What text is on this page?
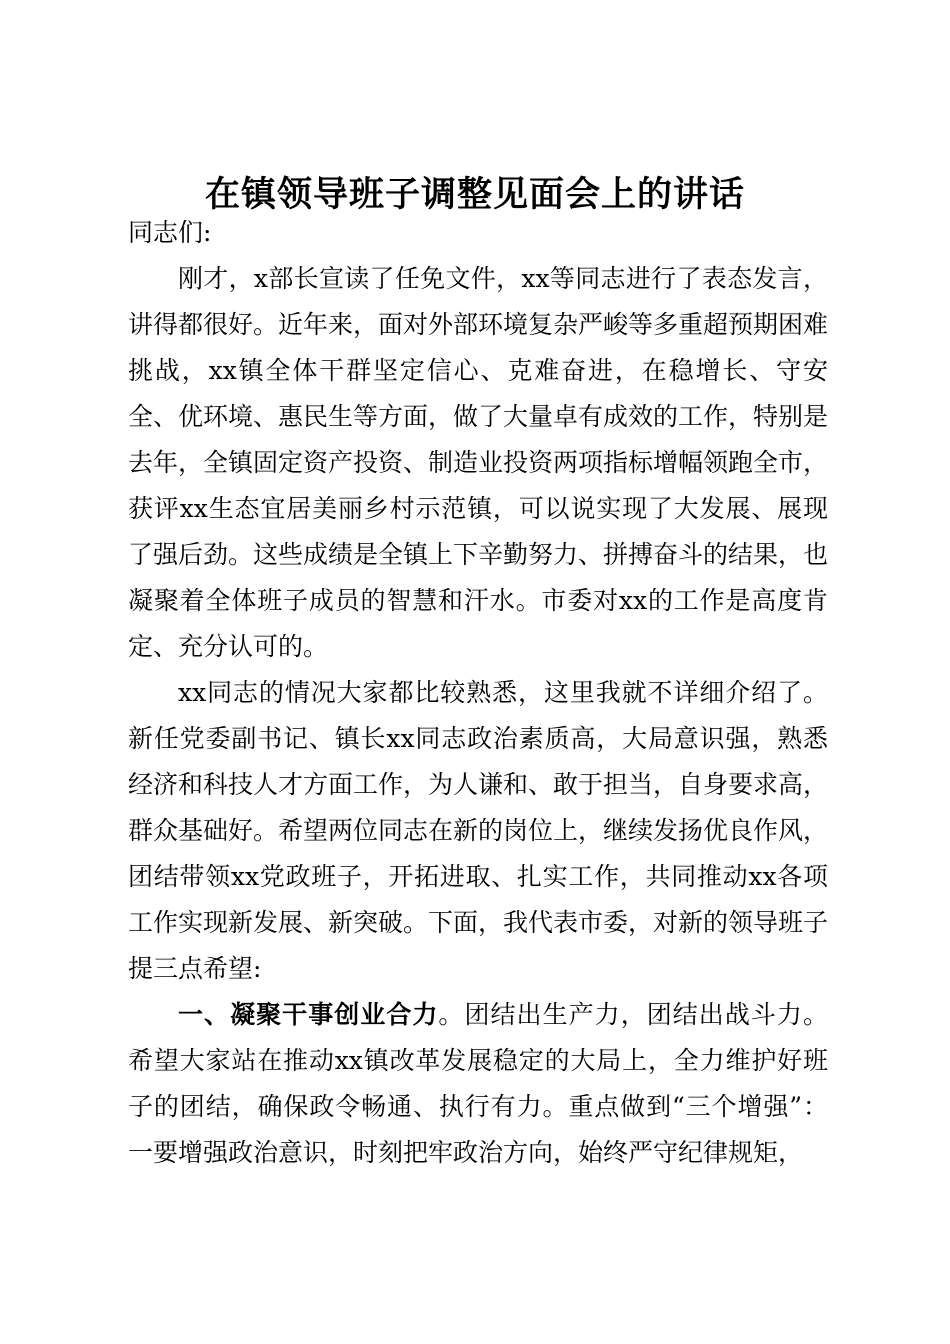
在镇领导班子调整见面会上的讲话

同志们:

刚才，x部长宣读了任免文件，xx等同志进行了表态发言，讲得都很好。近年来，面对外部环境复杂严峻等多重超预期困难挑战，xx镇全体干群坚定信心、克难奋进，在稳增长、守安全、优环境、惠民生等方面，做了大量卓有成效的工作，特别是去年，全镇固定资产投资、制造业投资两项指标增幅领跑全市，获评xx生态宜居美丽乡村示范镇，可以说实现了大发展、展现了强后劲。这些成绩是全镇上下辛勤努力、拼搏奋斗的结果，也凝聚着全体班子成员的智慧和汗水。市委对xx的工作是高度肯定、充分认可的。

xx同志的情况大家都比较熟悉，这里我就不详细介绍了。新任党委副书记、镇长xx同志政治素质高，大局意识强，熟悉经济和科技人才方面工作，为人谦和、敢于担当，自身要求高，群众基础好。希望两位同志在新的岗位上，继续发扬优良作风，团结带领xx党政班子，开拓进取、扎实工作，共同推动xx各项工作实现新发展、新突破。下面，我代表市委，对新的领导班子提三点希望:

一、凝聚干事创业合力。团结出生产力，团结出战斗力。希望大家站在推动xx镇改革发展稳定的大局上，全力维护好班子的团结，确保政令畅通、执行有力。重点做到“三个增强”：一要增强政治意识，时刻把牢政治方向，始终严守纪律规矩，
